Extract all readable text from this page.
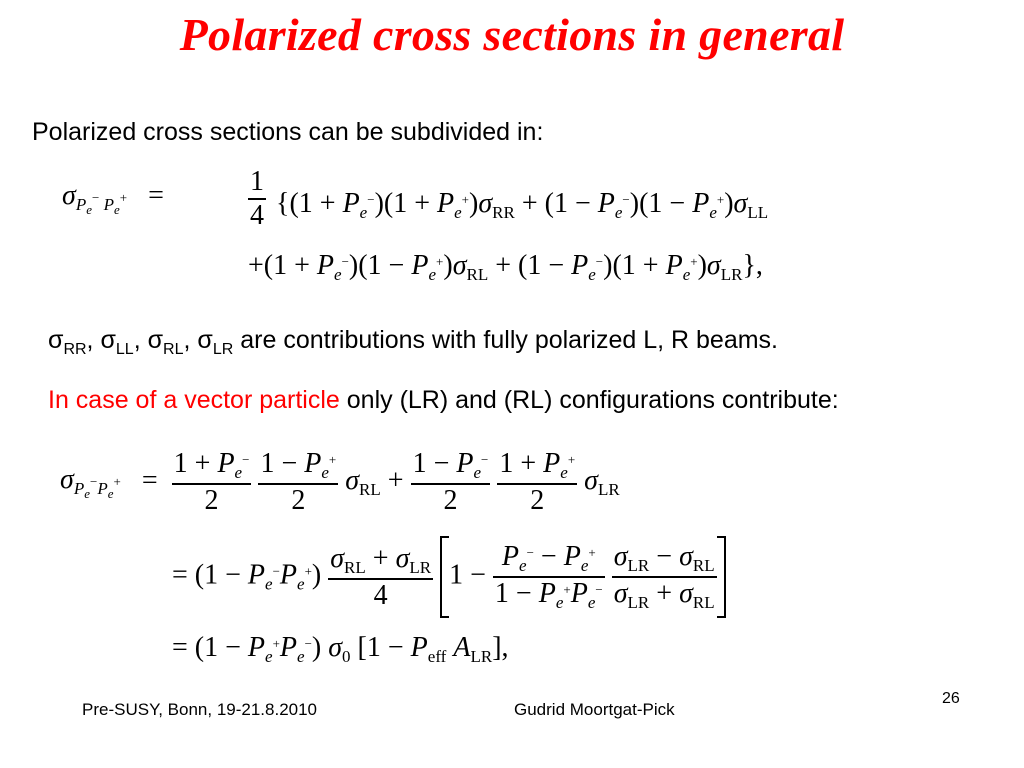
Polarized cross sections in general
Polarized cross sections can be subdivided in:
$\sigma_{P_e^- P_e^+}$   =	$\frac{1}{4} \{(1 + P_e^-)(1 + P_e^+)\sigma_{RR} + (1 - P_e^-)(1 - P_e^+)\sigma_{LL}$
$+(1 + P_e^-)(1 - P_e^+)\sigma_{RL} + (1 - P_e^-)(1 + P_e^+)\sigma_{LR}$},
$\sigma_{RR}$, $\sigma_{LL}$, $\sigma_{RL}$, $\sigma_{LR}$ are contributions with fully polarized L, R beams.
In case of a vector particle only (LR) and (RL) configurations contribute:
$\sigma_{P_e^-P_e^+} = \frac{1 + P_e^-}{2}$
$\frac{1 - P_e^+}{2} \sigma_{RL} + \frac{1 - P_e^-}{2}$
$\frac{1 + P_e^+}{2} \sigma_{LR}$
= $(1 - P_e^-P_e^+) \frac{\sigma_{RL} + \sigma_{LR}}{4} 1 - \frac{P_e^- - P_e^+}{1 - P_e^+P_e^-}$
$\frac{\sigma_{LR} - \sigma_{RL}}{\sigma_{LR} + \sigma_{RL}}$
= $(1 - P_e^+P_e^-)$ $\sigma_0$ [$1 - P_{eff}$ $A_{LR}$],
Pre-SUSY, Bonn, 19-21.8.2010	Gudrid Moortgat-Pick
26
